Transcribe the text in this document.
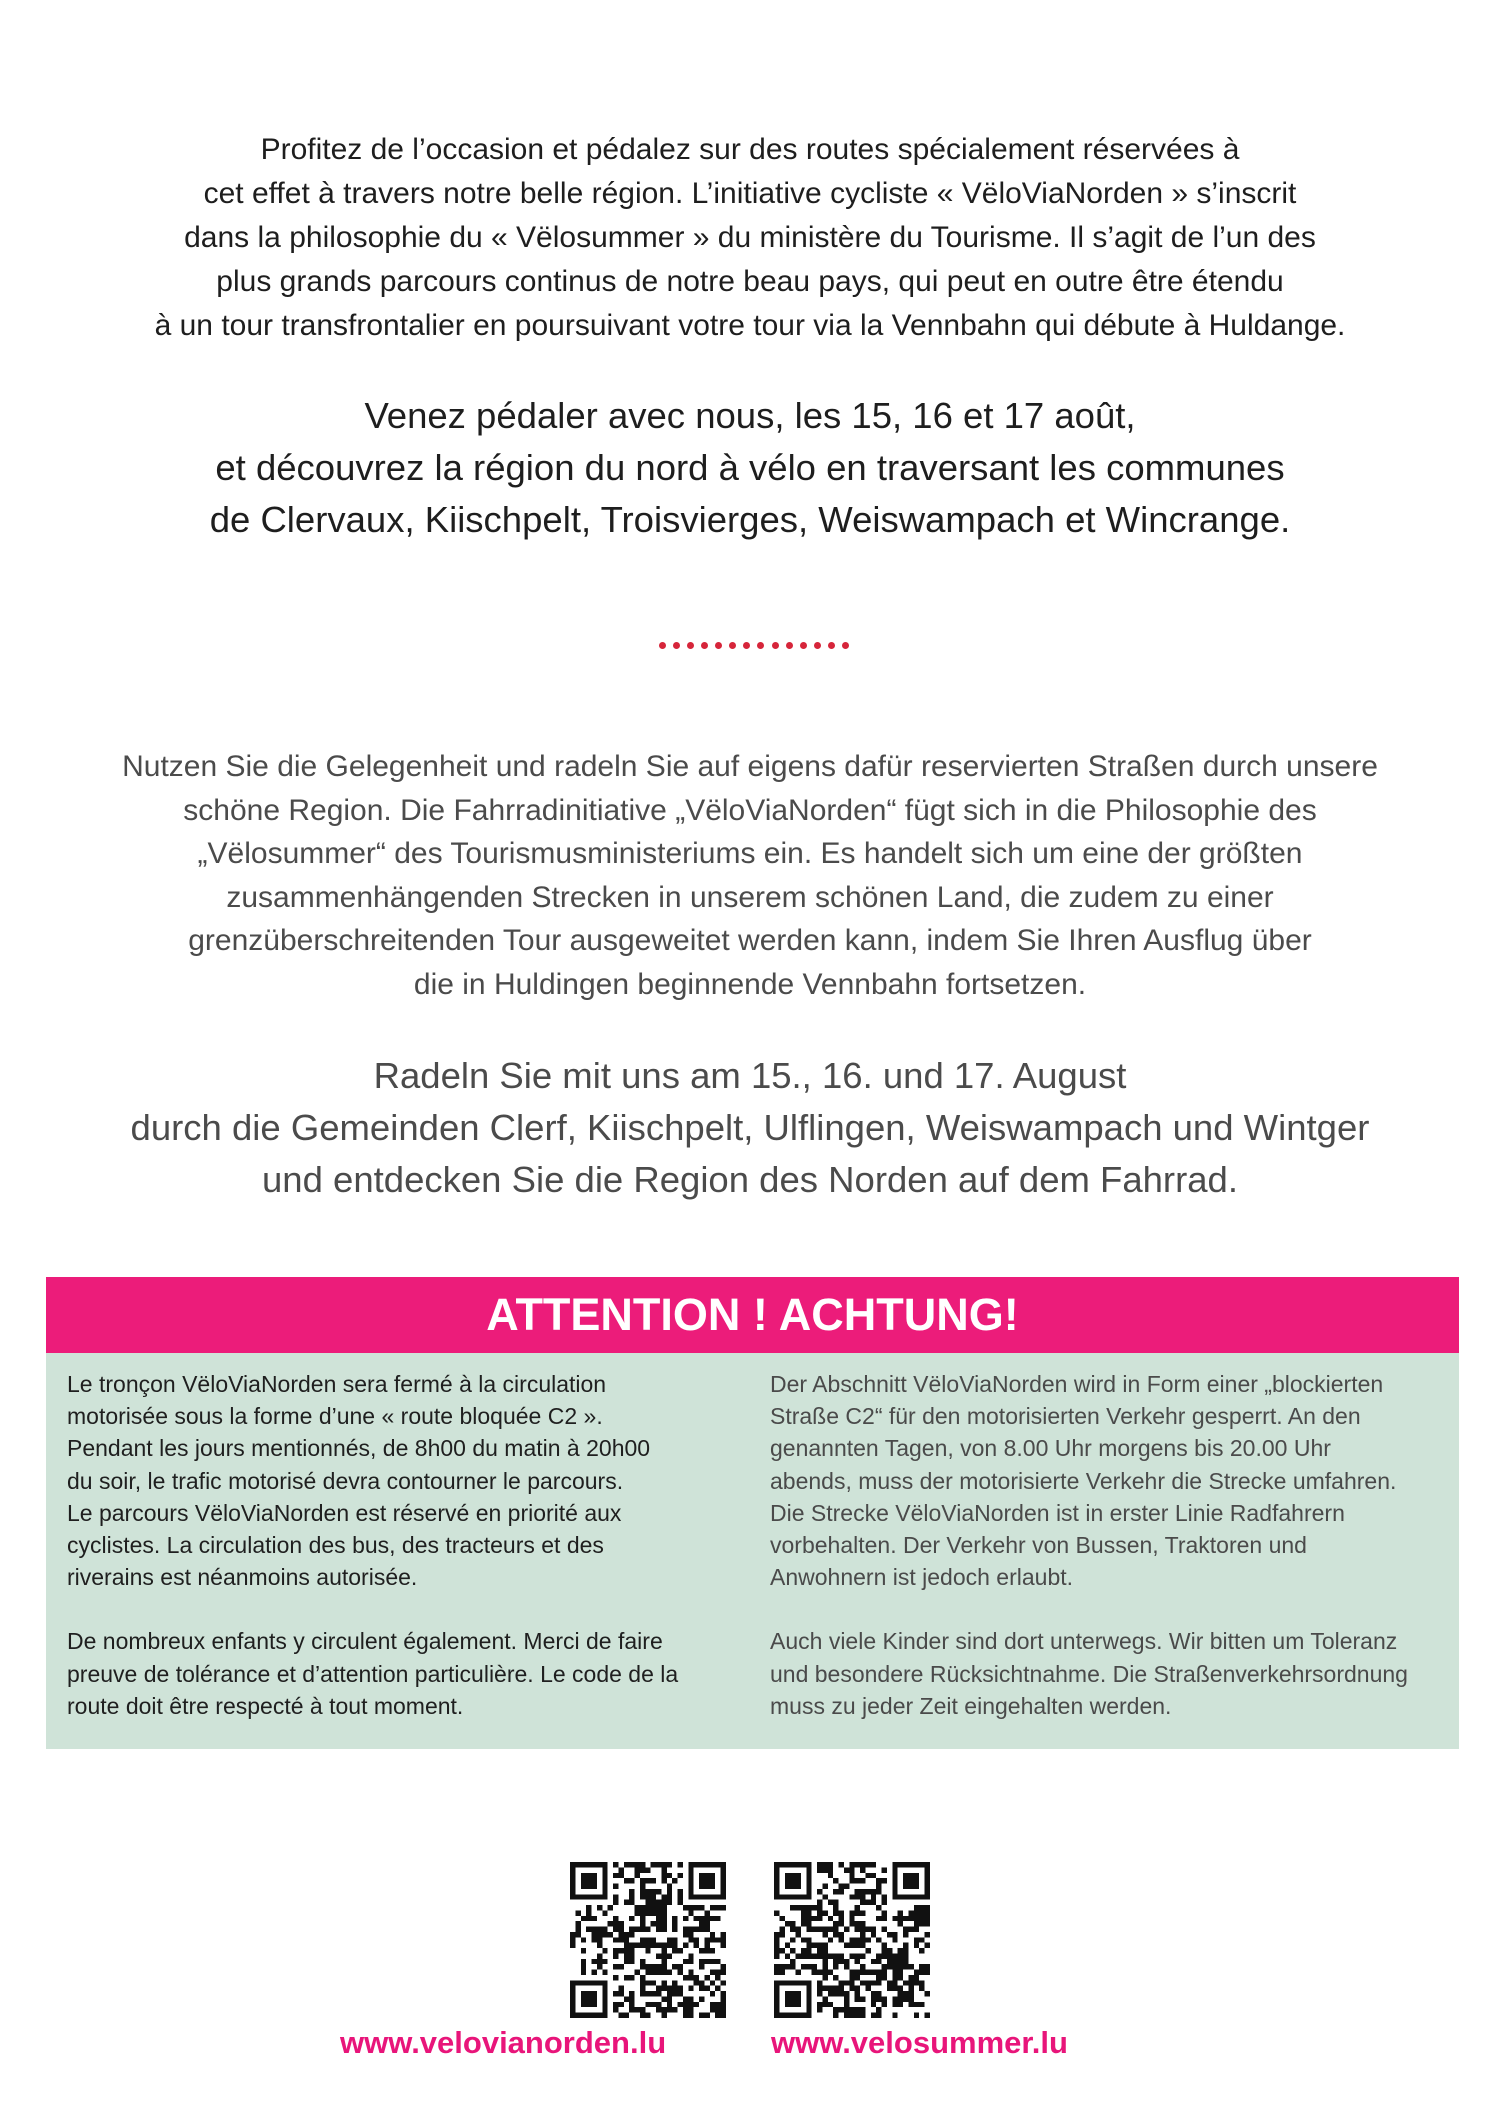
Profitez de l’occasion et pédalez sur des routes spécialement réservées à
cet effet à travers notre belle région. L’initiative cycliste « VëloViaNorden » s’inscrit
dans la philosophie du « Vëlosummer » du ministère du Tourisme. Il s’agit de l’un des
plus grands parcours continus de notre beau pays, qui peut en outre être étendu
à un tour transfrontalier en poursuivant votre tour via la Vennbahn qui débute à Huldange.
Venez pédaler avec nous, les 15, 16 et 17 août,
et découvrez la région du nord à vélo en traversant les communes
de Clervaux, Kiischpelt, Troisvierges, Weiswampach et Wincrange.
Nutzen Sie die Gelegenheit und radeln Sie auf eigens dafür reservierten Straßen durch unsere
schöne Region. Die Fahrradinitiative „VëloViaNorden“ fügt sich in die Philosophie des
„Vëlosummer“ des Tourismusministeriums ein. Es handelt sich um eine der größten
zusammenhängenden Strecken in unserem schönen Land, die zudem zu einer
grenzüberschreitenden Tour ausgeweitet werden kann, indem Sie Ihren Ausflug über
die in Huldingen beginnende Vennbahn fortsetzen.
Radeln Sie mit uns am 15., 16. und 17. August
durch die Gemeinden Clerf, Kiischpelt, Ulflingen, Weiswampach und Wintger
und entdecken Sie die Region des Norden auf dem Fahrrad.
ATTENTION ! ACHTUNG!
Le tronçon VëloViaNorden sera fermé à la circulation
motorisée sous la forme d’une « route bloquée C2 ».
Pendant les jours mentionnés, de 8h00 du matin à 20h00
du soir, le trafic motorisé devra contourner le parcours.
Le parcours VëloViaNorden est réservé en priorité aux
cyclistes. La circulation des bus, des tracteurs et des
riverains est néanmoins autorisée.
De nombreux enfants y circulent également. Merci de faire
preuve de tolérance et d’attention particulière. Le code de la
route doit être respecté à tout moment.
Der Abschnitt VëloViaNorden wird in Form einer „blockierten
Straße C2“ für den motorisierten Verkehr gesperrt. An den
genannten Tagen, von 8.00 Uhr morgens bis 20.00 Uhr
abends, muss der motorisierte Verkehr die Strecke umfahren.
Die Strecke VëloViaNorden ist in erster Linie Radfahrern
vorbehalten. Der Verkehr von Bussen, Traktoren und
Anwohnern ist jedoch erlaubt.
Auch viele Kinder sind dort unterwegs. Wir bitten um Toleranz
und besondere Rücksichtnahme. Die Straßenverkehrsordnung
muss zu jeder Zeit eingehalten werden.
www.velovianorden.lu	www.velosummer.lu
